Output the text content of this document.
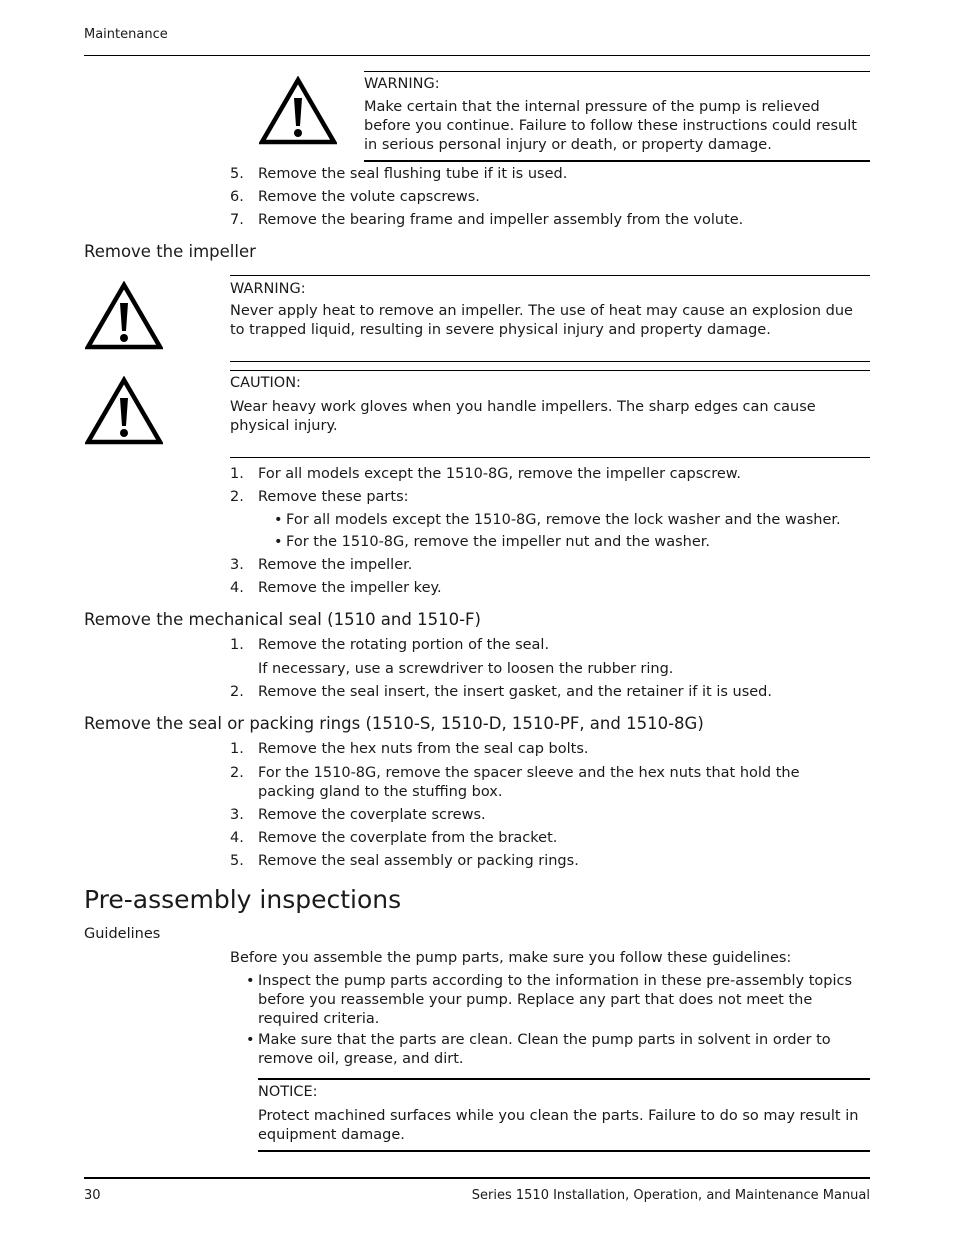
Maintenance
WARNING:
Make certain that the internal pressure of the pump is relieved before you continue. Failure to follow these instructions could result in serious personal injury or death, or property damage.
5. Remove the seal flushing tube if it is used.
6. Remove the volute capscrews.
7. Remove the bearing frame and impeller assembly from the volute.
Remove the impeller
WARNING:
Never apply heat to remove an impeller. The use of heat may cause an explosion due to trapped liquid, resulting in severe physical injury and property damage.
CAUTION:
Wear heavy work gloves when you handle impellers. The sharp edges can cause physical injury.
1. For all models except the 1510-8G, remove the impeller capscrew.
2. Remove these parts:
• For all models except the 1510-8G, remove the lock washer and the washer.
• For the 1510-8G, remove the impeller nut and the washer.
3. Remove the impeller.
4. Remove the impeller key.
Remove the mechanical seal (1510 and 1510-F)
1. Remove the rotating portion of the seal.
If necessary, use a screwdriver to loosen the rubber ring.
2. Remove the seal insert, the insert gasket, and the retainer if it is used.
Remove the seal or packing rings (1510-S, 1510-D, 1510-PF, and 1510-8G)
1. Remove the hex nuts from the seal cap bolts.
2. For the 1510-8G, remove the spacer sleeve and the hex nuts that hold the packing gland to the stuffing box.
3. Remove the coverplate screws.
4. Remove the coverplate from the bracket.
5. Remove the seal assembly or packing rings.
Pre-assembly inspections
Guidelines
Before you assemble the pump parts, make sure you follow these guidelines:
• Inspect the pump parts according to the information in these pre-assembly topics before you reassemble your pump. Replace any part that does not meet the required criteria.
• Make sure that the parts are clean. Clean the pump parts in solvent in order to remove oil, grease, and dirt.
NOTICE:
Protect machined surfaces while you clean the parts. Failure to do so may result in equipment damage.
30	Series 1510 Installation, Operation, and Maintenance Manual
